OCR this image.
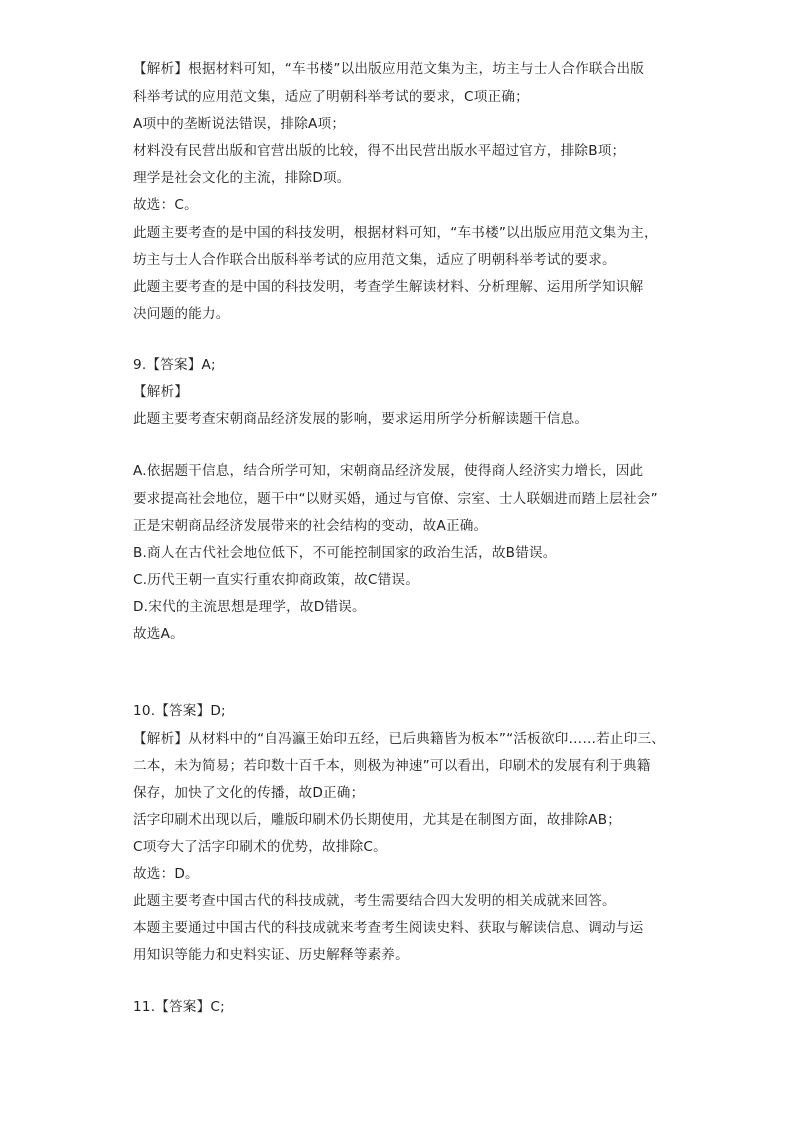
【解析】根据材料可知，“车书楼”以出版应用范文集为主，坊主与士人合作联合出版
科举考试的应用范文集，适应了明朝科举考试的要求，C项正确；
A项中的垄断说法错误，排除A项；
材料没有民营出版和官营出版的比较，得不出民营出版水平超过官方，排除B项；
理学是社会文化的主流，排除D项。
故选：C。
此题主要考查的是中国的科技发明，根据材料可知，“车书楼”以出版应用范文集为主，
坊主与士人合作联合出版科举考试的应用范文集，适应了明朝科举考试的要求。
此题主要考查的是中国的科技发明，考查学生解读材料、分析理解、运用所学知识解
决问题的能力。
9.【答案】A;
【解析】
此题主要考查宋朝商品经济发展的影响，要求运用所学分析解读题干信息。
A.依据题干信息，结合所学可知，宋朝商品经济发展，使得商人经济实力增长，因此
要求提高社会地位，题干中“以财买婚，通过与官僚、宗室、士人联姻进而踏上层社会”
正是宋朝商品经济发展带来的社会结构的变动，故A正确。
B.商人在古代社会地位低下，不可能控制国家的政治生活，故B错误。
C.历代王朝一直实行重农抑商政策，故C错误。
D.宋代的主流思想是理学，故D错误。
故选A。
10.【答案】D;
【解析】从材料中的“自冯瀛王始印五经，已后典籍皆为板本”“活板欲印……若止印三、
二本，未为简易；若印数十百千本，则极为神速”可以看出，印刷术的发展有利于典籍
保存，加快了文化的传播，故D正确；
活字印刷术出现以后，雕版印刷术仍长期使用，尤其是在制图方面，故排除AB；
C项夸大了活字印刷术的优势，故排除C。
故选：D。
此题主要考查中国古代的科技成就，考生需要结合四大发明的相关成就来回答。
本题主要通过中国古代的科技成就来考查考生阅读史料、获取与解读信息、调动与运
用知识等能力和史料实证、历史解释等素养。
11.【答案】C;
